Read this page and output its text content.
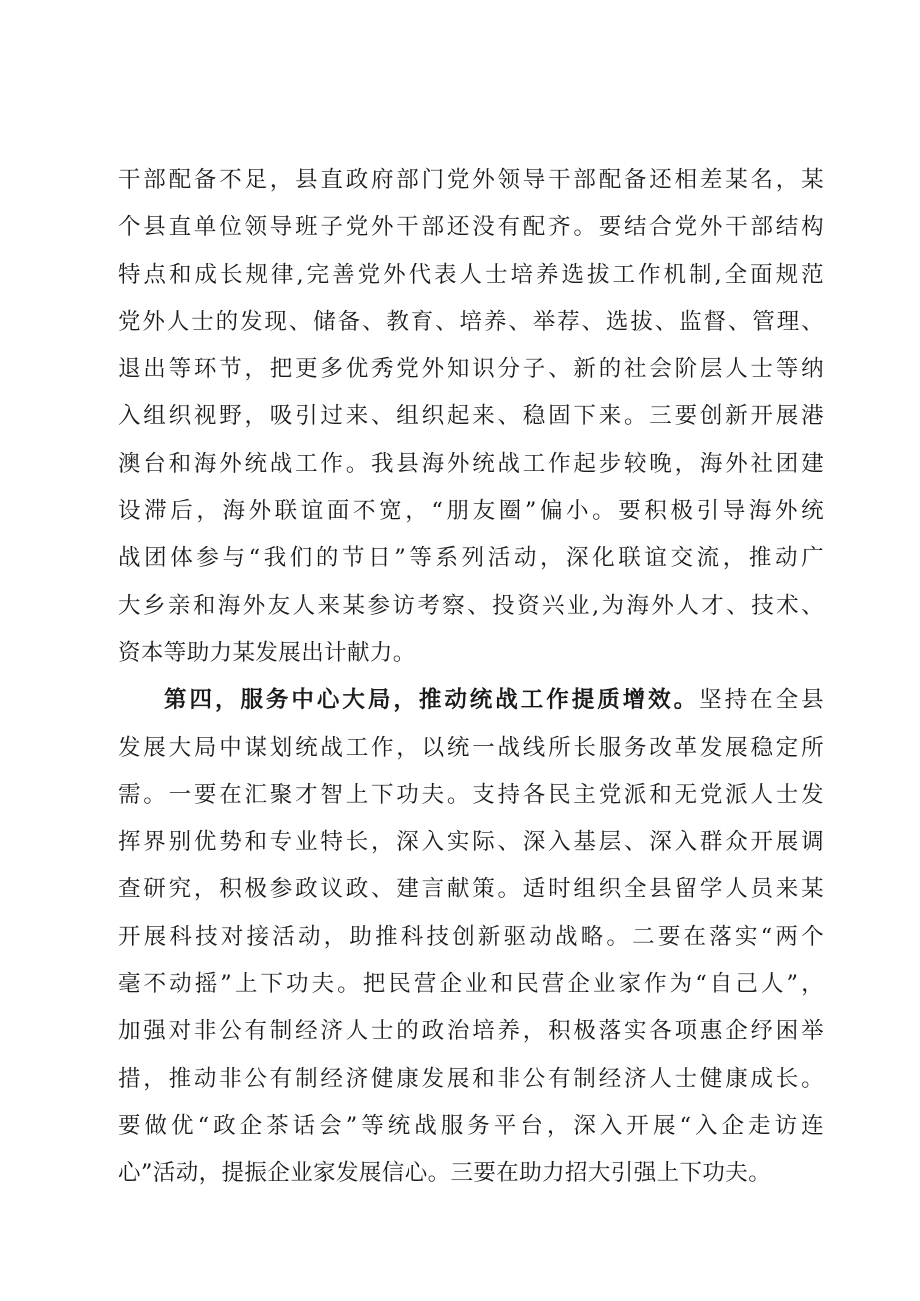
干部配备不足，县直政府部门党外领导干部配备还相差某名，某
个县直单位领导班子党外干部还没有配齐。要结合党外干部结构
特点和成长规律,完善党外代表人士培养选拔工作机制,全面规范
党外人士的发现、储备、教育、培养、举荐、选拔、监督、管理、
退出等环节，把更多优秀党外知识分子、新的社会阶层人士等纳
入组织视野，吸引过来、组织起来、稳固下来。三要创新开展港
澳台和海外统战工作。我县海外统战工作起步较晚，海外社团建
设滞后，海外联谊面不宽，“朋友圈”偏小。要积极引导海外统
战团体参与“我们的节日”等系列活动，深化联谊交流，推动广
大乡亲和海外友人来某参访考察、投资兴业,为海外人才、技术、
资本等助力某发展出计献力。
第四，服务中心大局，推动统战工作提质增效。坚持在全县
发展大局中谋划统战工作，以统一战线所长服务改革发展稳定所
需。一要在汇聚才智上下功夫。支持各民主党派和无党派人士发
挥界别优势和专业特长，深入实际、深入基层、深入群众开展调
查研究，积极参政议政、建言献策。适时组织全县留学人员来某
开展科技对接活动，助推科技创新驱动战略。二要在落实“两个
毫不动摇”上下功夫。把民营企业和民营企业家作为“自己人”，
加强对非公有制经济人士的政治培养，积极落实各项惠企纾困举
措，推动非公有制经济健康发展和非公有制经济人士健康成长。
要做优“政企茶话会”等统战服务平台，深入开展“入企走访连
心”活动，提振企业家发展信心。三要在助力招大引强上下功夫。
